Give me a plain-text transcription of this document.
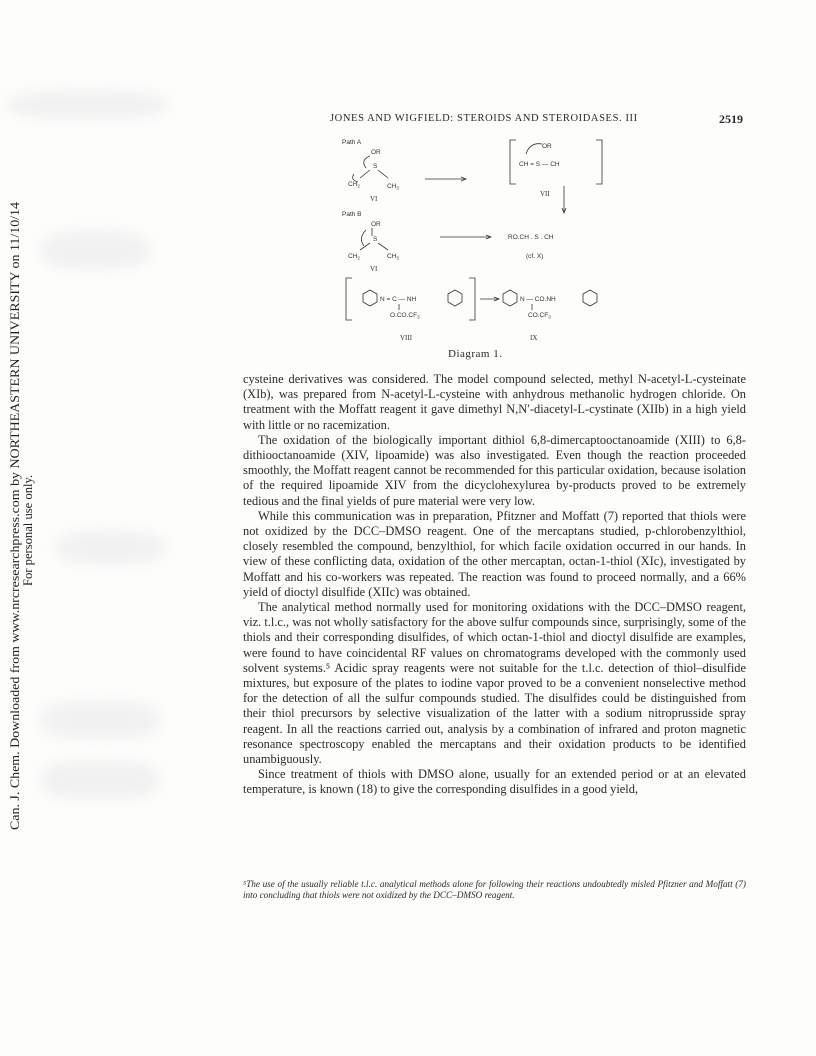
Can. J. Chem. Downloaded from www.nrcresearchpress.com by NORTHEASTERN UNIVERSITY on 11/10/14 For personal use only.
JONES AND WIGFIELD: STEROIDS AND STEROIDASES. III	2519
Path A
OR
S
$CH_2$	$CH_3$
VI
OR
CH = S — CH
VII
Path B
OR
S
$CH_2$	$CH_3$
VI
RO.CH . S . CH
(cf. X)
N = C — NH
$O.CO.CF_3$
VIII
N — CO.NH
$CO.CF_3$
IX
Diagram 1.

cysteine derivatives was considered. The model compound selected, methyl N-acetyl-L-cysteinate (XIb), was prepared from N-acetyl-L-cysteine with anhydrous methanolic hydrogen chloride. On treatment with the Moffatt reagent it gave dimethyl N,N′-diacetyl-L-cystinate (XIIb) in a high yield with little or no racemization.

The oxidation of the biologically important dithiol 6,8-dimercaptooctanoamide (XIII) to 6,8-dithiooctanoamide (XIV, lipoamide) was also investigated. Even though the reaction proceeded smoothly, the Moffatt reagent cannot be recommended for this particular oxidation, because isolation of the required lipoamide XIV from the dicyclohexylurea by-products proved to be extremely tedious and the final yields of pure material were very low.

While this communication was in preparation, Pfitzner and Moffatt (7) reported that thiols were not oxidized by the DCC–DMSO reagent. One of the mercaptans studied, p-chlorobenzylthiol, closely resembled the compound, benzylthiol, for which facile oxidation occurred in our hands. In view of these conflicting data, oxidation of the other mercaptan, octan-1-thiol (XIc), investigated by Moffatt and his co-workers was repeated. The reaction was found to proceed normally, and a 66% yield of dioctyl disulfide (XIIc) was obtained.

The analytical method normally used for monitoring oxidations with the DCC–DMSO reagent, viz. t.l.c., was not wholly satisfactory for the above sulfur compounds since, surprisingly, some of the thiols and their corresponding disulfides, of which octan-1-thiol and dioctyl disulfide are examples, were found to have coincidental RF values on chromatograms developed with the commonly used solvent systems.⁵ Acidic spray reagents were not suitable for the t.l.c. detection of thiol–disulfide mixtures, but exposure of the plates to iodine vapor proved to be a convenient nonselective method for the detection of all the sulfur compounds studied. The disulfides could be distinguished from their thiol precursors by selective visualization of the latter with a sodium nitroprusside spray reagent. In all the reactions carried out, analysis by a combination of infrared and proton magnetic resonance spectroscopy enabled the mercaptans and their oxidation products to be identified unambiguously.

Since treatment of thiols with DMSO alone, usually for an extended period or at an elevated temperature, is known (18) to give the corresponding disulfides in a good yield,

⁵The use of the usually reliable t.l.c. analytical methods alone for following their reactions undoubtedly misled Pfitzner and Moffatt (7) into concluding that thiols were not oxidized by the DCC–DMSO reagent.
